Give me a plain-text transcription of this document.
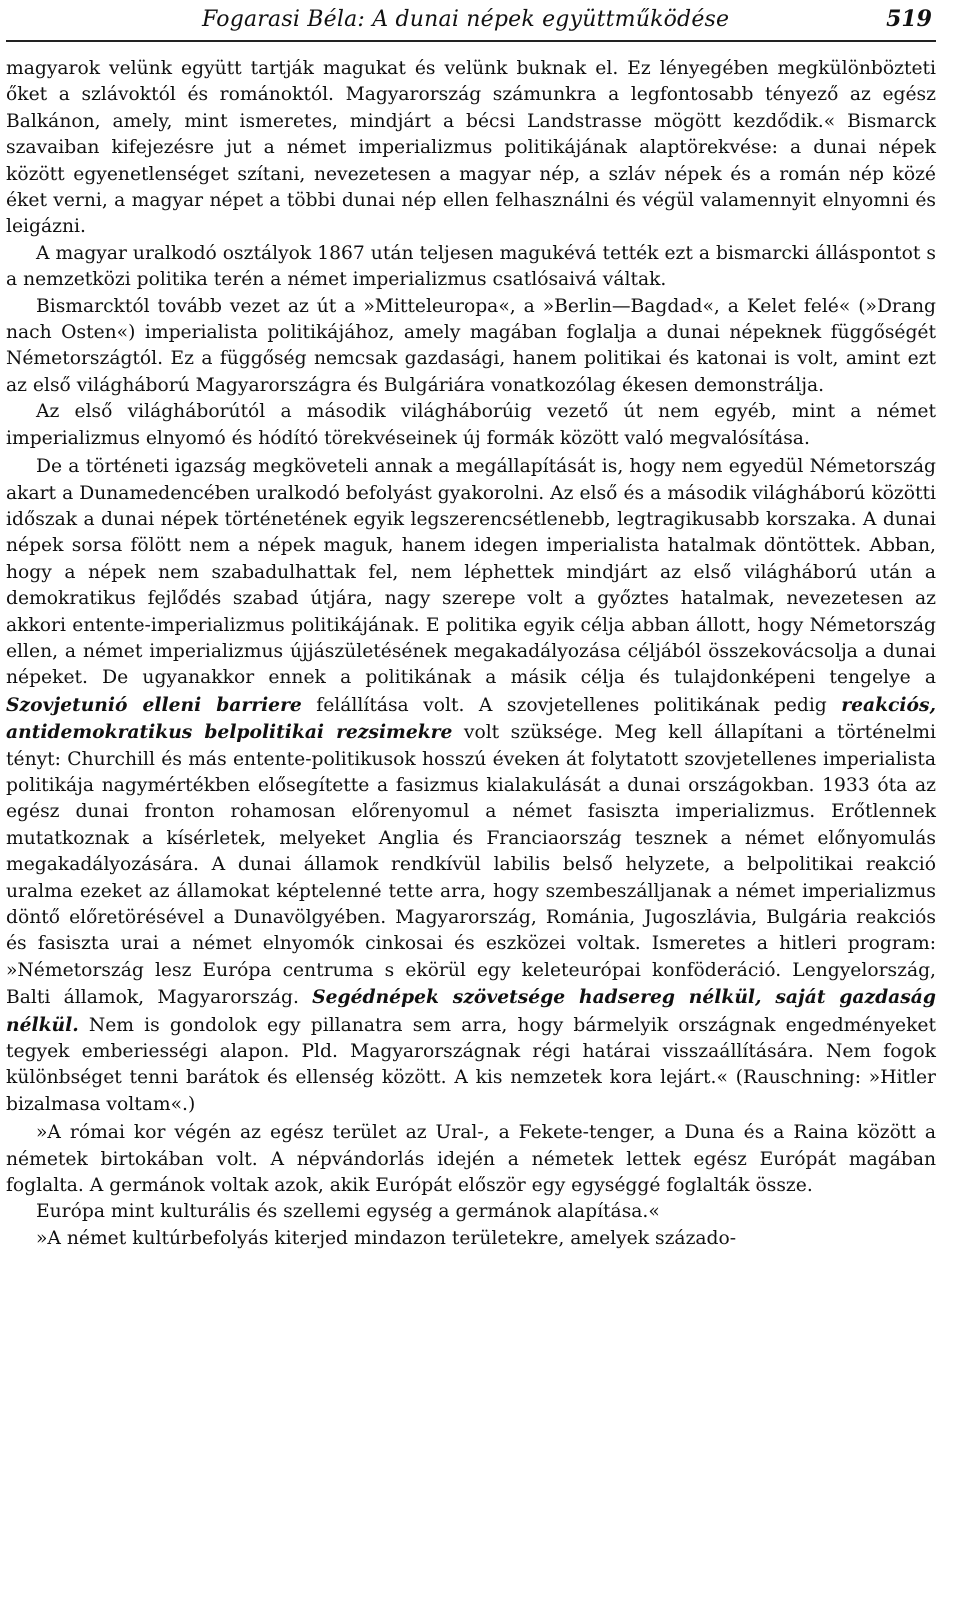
Fogarasi Béla: A dunai népek együttműködése	519

magyarok velünk együtt tartják magukat és velünk buknak el. Ez lényegében megkülönbözteti őket a szlávoktól és románoktól. Magyarország számunkra a legfontosabb tényező az egész Balkánon, amely, mint ismeretes, mindjárt a bécsi Landstrasse mögött kezdődik.« Bismarck szavaiban kifejezésre jut a német imperializmus politikájának alaptörekvése: a dunai népek között egyenetlenséget szítani, nevezetesen a magyar nép, a szláv népek és a román nép közé éket verni, a magyar népet a többi dunai nép ellen felhasználni és végül valamennyit elnyomni és leigázni.

A magyar uralkodó osztályok 1867 után teljesen magukévá tették ezt a bismarcki álláspontot s a nemzetközi politika terén a német imperializmus csatlósaivá váltak.

Bismarcktól tovább vezet az út a »Mitteleuropa«, a »Berlin—Bagdad«, a Kelet felé« (»Drang nach Osten«) imperialista politikájához, amely magában foglalja a dunai népeknek függőségét Németországtól. Ez a függőség nemcsak gazdasági, hanem politikai és katonai is volt, amint ezt az első világháború Magyarországra és Bulgáriára vonatkozólag ékesen demonstrálja.

Az első világháborútól a második világháborúig vezető út nem egyéb, mint a német imperializmus elnyomó és hódító törekvéseinek új formák között való megvalósítása.

De a történeti igazság megköveteli annak a megállapítását is, hogy nem egyedül Németország akart a Dunamedencében uralkodó befolyást gyakorolni. Az első és a második világháború közötti időszak a dunai népek történetének egyik legszerencsétlenebb, legtragikusabb korszaka. A dunai népek sorsa fölött nem a népek maguk, hanem idegen imperialista hatalmak döntöttek. Abban, hogy a népek nem szabadulhattak fel, nem léphettek mindjárt az első világháború után a demokratikus fejlődés szabad útjára, nagy szerepe volt a győztes hatalmak, nevezetesen az akkori entente-imperializmus politikájának. E politika egyik célja abban állott, hogy Németország ellen, a német imperializmus újjászületésének megakadályozása céljából összekovácsolja a dunai népeket. De ugyanakkor ennek a politikának a másik célja és tulajdonképeni tengelye a Szovjetunió elleni barriere felállítása volt. A szovjetellenes politikának pedig reakciós, antidemokratikus belpolitikai rezsimekre volt szüksége. Meg kell állapítani a történelmi tényt: Churchill és más entente-politikusok hosszú éveken át folytatott szovjetellenes imperialista politikája nagymértékben elősegítette a fasizmus kialakulását a dunai országokban. 1933 óta az egész dunai fronton rohamosan előrenyomul a német fasiszta imperializmus. Erőtlennek mutatkoznak a kísérletek, melyeket Anglia és Franciaország tesznek a német előnyomulás megakadályozására. A dunai államok rendkívül labilis belső helyzete, a belpolitikai reakció uralma ezeket az államokat képtelenné tette arra, hogy szembeszálljanak a német imperializmus döntő előretörésével a Dunavölgyében. Magyarország, Románia, Jugoszlávia, Bulgária reakciós és fasiszta urai a német elnyomók cinkosai és eszközei voltak. Ismeretes a hitleri program: »Németország lesz Európa centruma s ekörül egy keleteurópai konföderáció. Lengyelország, Balti államok, Magyarország. Segédnépek szövetsége hadsereg nélkül, saját gazdaság nélkül. Nem is gondolok egy pillanatra sem arra, hogy bármelyik országnak engedményeket tegyek emberiességi alapon. Pld. Magyarországnak régi határai visszaállítására. Nem fogok különbséget tenni barátok és ellenség között. A kis nemzetek kora lejárt.« (Rauschning: »Hitler bizalmasa voltam«.)

»A római kor végén az egész terület az Ural-, a Fekete-tenger, a Duna és a Raina között a németek birtokában volt. A népvándorlás idején a németek lettek egész Európát magában foglalta. A germánok voltak azok, akik Európát először egy egységgé foglalták össze.

Európa mint kulturális és szellemi egység a germánok alapítása.«

»A német kultúrbefolyás kiterjed mindazon területekre, amelyek százado-
